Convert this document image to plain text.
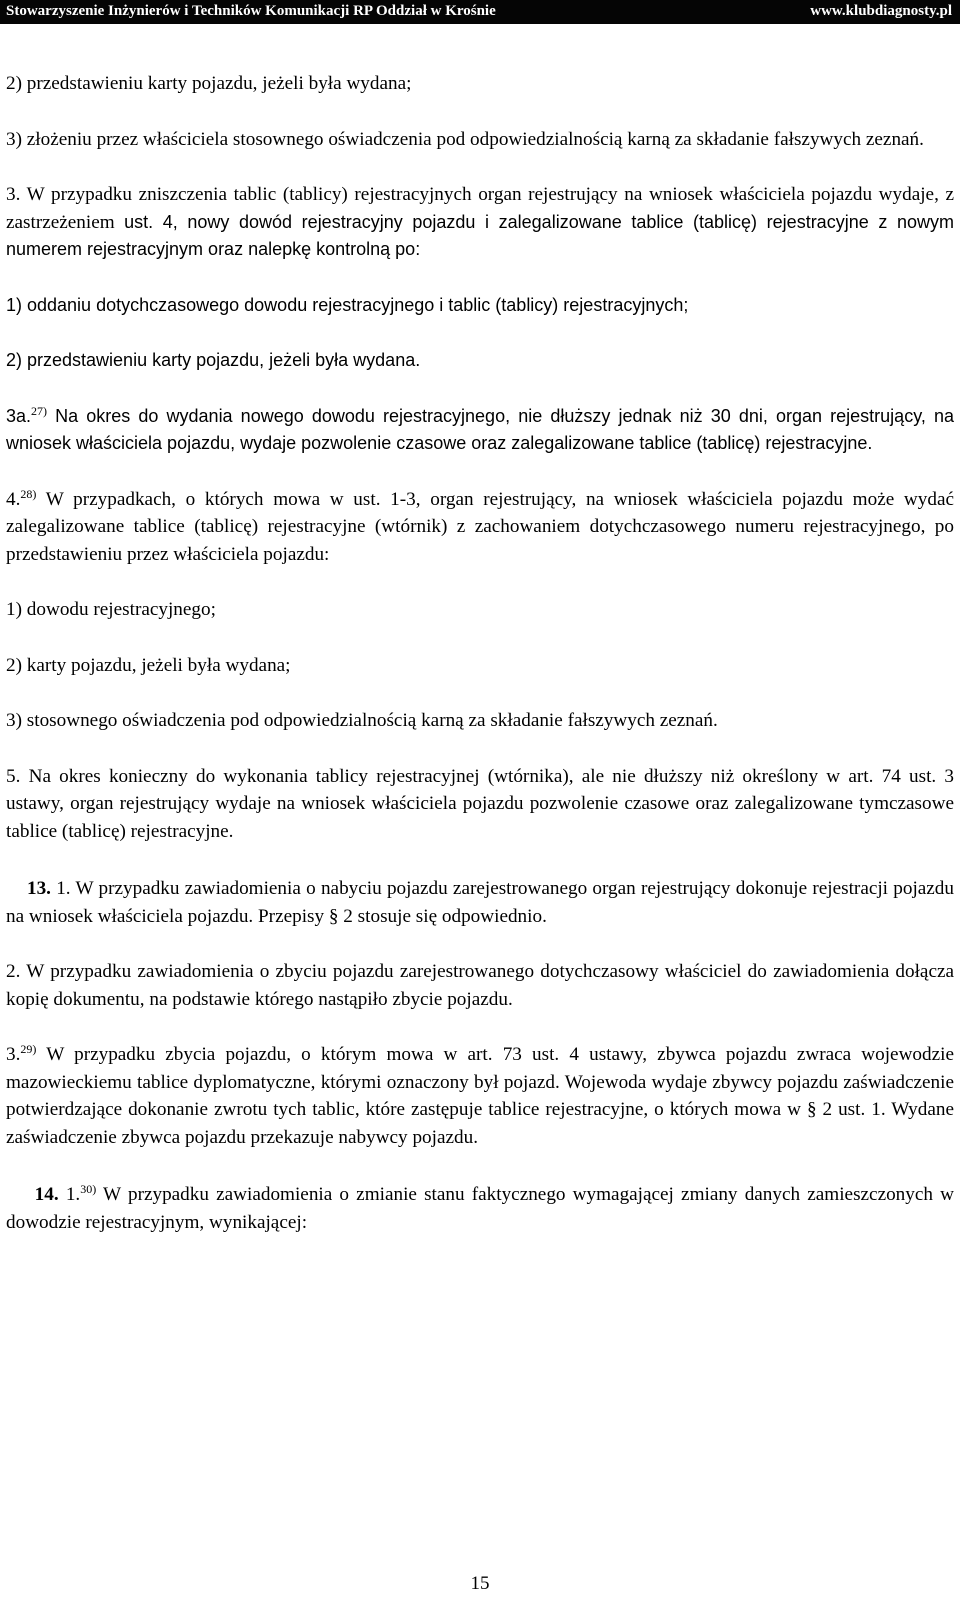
Stowarzyszenie Inżynierów i Techników Komunikacji RP Oddział w Krośnie	www.klubdiagnosty.pl

2) przedstawieniu karty pojazdu, jeżeli była wydana;

3) złożeniu przez właściciela stosownego oświadczenia pod odpowiedzialnością karną za składanie fałszywych zeznań.

3. W przypadku zniszczenia tablic (tablicy) rejestracyjnych organ rejestrujący na wniosek właściciela pojazdu wydaje, z zastrzeżeniem ust. 4, nowy dowód rejestracyjny pojazdu i zalegalizowane tablice (tablicę) rejestracyjne z nowym numerem rejestracyjnym oraz nalepkę kontrolną po:

1) oddaniu dotychczasowego dowodu rejestracyjnego i tablic (tablicy) rejestracyjnych;

2) przedstawieniu karty pojazdu, jeżeli była wydana.

3a.$^{27)}$ Na okres do wydania nowego dowodu rejestracyjnego, nie dłuższy jednak niż 30 dni, organ rejestrujący, na wniosek właściciela pojazdu, wydaje pozwolenie czasowe oraz zalegalizowane tablice (tablicę) rejestracyjne.

4.$^{28)}$ W przypadkach, o których mowa w ust. 1-3, organ rejestrujący, na wniosek właściciela pojazdu może wydać zalegalizowane tablice (tablicę) rejestracyjne (wtórnik) z zachowaniem dotychczasowego numeru rejestracyjnego, po przedstawieniu przez właściciela pojazdu:

1) dowodu rejestracyjnego;

2) karty pojazdu, jeżeli była wydana;

3) stosownego oświadczenia pod odpowiedzialnością karną za składanie fałszywych zeznań.

5. Na okres konieczny do wykonania tablicy rejestracyjnej (wtórnika), ale nie dłuższy niż określony w art. 74 ust. 3 ustawy, organ rejestrujący wydaje na wniosek właściciela pojazdu pozwolenie czasowe oraz zalegalizowane tymczasowe tablice (tablicę) rejestracyjne.

13. 1. W przypadku zawiadomienia o nabyciu pojazdu zarejestrowanego organ rejestrujący dokonuje rejestracji pojazdu na wniosek właściciela pojazdu. Przepisy § 2 stosuje się odpowiednio.

2. W przypadku zawiadomienia o zbyciu pojazdu zarejestrowanego dotychczasowy właściciel do zawiadomienia dołącza kopię dokumentu, na podstawie którego nastąpiło zbycie pojazdu.

3.$^{29)}$ W przypadku zbycia pojazdu, o którym mowa w art. 73 ust. 4 ustawy, zbywca pojazdu zwraca wojewodzie mazowieckiemu tablice dyplomatyczne, którymi oznaczony był pojazd. Wojewoda wydaje zbywcy pojazdu zaświadczenie potwierdzające dokonanie zwrotu tych tablic, które zastępuje tablice rejestracyjne, o których mowa w § 2 ust. 1. Wydane zaświadczenie zbywca pojazdu przekazuje nabywcy pojazdu.

14. 1.$^{30)}$ W przypadku zawiadomienia o zmianie stanu faktycznego wymagającej zmiany danych zamieszczonych w dowodzie rejestracyjnym, wynikającej:

15
